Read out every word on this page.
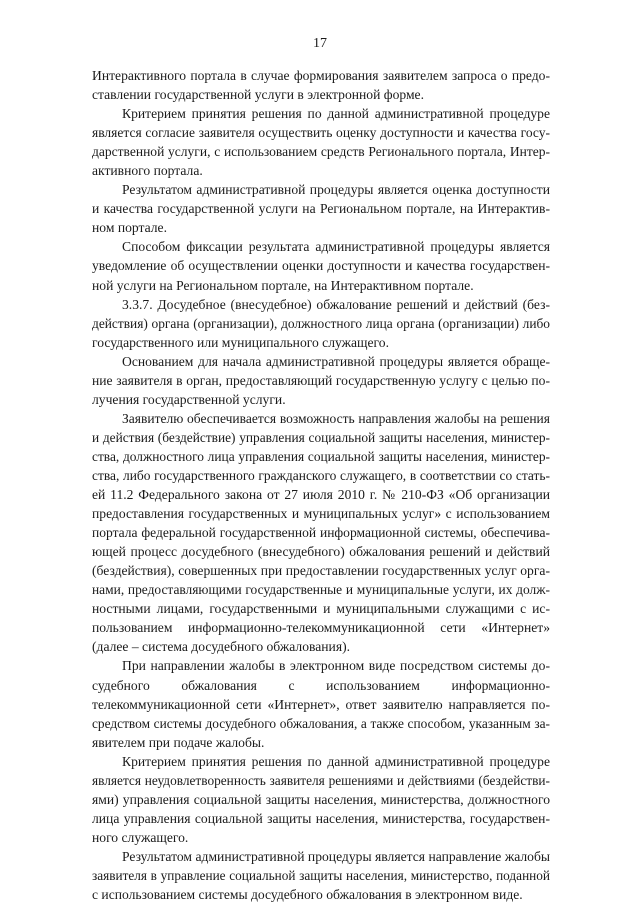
17
Интерактивного портала в случае формирования заявителем запроса о предо-
ставлении государственной услуги в электронной форме.
Критерием принятия решения по данной административной процедуре
является согласие заявителя осуществить оценку доступности и качества госу-
дарственной услуги, с использованием средств Регионального портала, Интер-
активного портала.
Результатом административной процедуры является оценка доступности
и качества государственной услуги на Региональном портале, на Интерактив-
ном портале.
Способом фиксации результата административной процедуры является
уведомление об осуществлении оценки доступности и качества государствен-
ной услуги на Региональном портале, на Интерактивном портале.
3.3.7. Досудебное (внесудебное) обжалование решений и действий (без-
действия) органа (организации), должностного лица органа (организации) либо
государственного или муниципального служащего.
Основанием для начала административной процедуры является обраще-
ние заявителя в орган, предоставляющий государственную услугу с целью по-
лучения государственной услуги.
Заявителю обеспечивается возможность направления жалобы на решения
и действия (бездействие) управления социальной защиты населения, министер-
ства, должностного лица управления социальной защиты населения, министер-
ства, либо государственного гражданского служащего, в соответствии со стать-
ей 11.2 Федерального закона от 27 июля 2010 г. № 210-ФЗ «Об организации
предоставления государственных и муниципальных услуг» с использованием
портала федеральной государственной информационной системы, обеспечива-
ющей процесс досудебного (внесудебного) обжалования решений и действий
(бездействия), совершенных при предоставлении государственных услуг орга-
нами, предоставляющими государственные и муниципальные услуги, их долж-
ностными лицами, государственными и муниципальными служащими с ис-
пользованием информационно-телекоммуникационной сети «Интернет»
(далее – система досудебного обжалования).
При направлении жалобы в электронном виде посредством системы до-
судебного обжалования с использованием информационно-
телекоммуникационной сети «Интернет», ответ заявителю направляется по-
средством системы досудебного обжалования, а также способом, указанным за-
явителем при подаче жалобы.
Критерием принятия решения по данной административной процедуре
является неудовлетворенность заявителя решениями и действиями (бездействи-
ями) управления социальной защиты населения, министерства, должностного
лица управления социальной защиты населения, министерства, государствен-
ного служащего.
Результатом административной процедуры является направление жалобы
заявителя в управление социальной защиты населения, министерство, поданной
с использованием системы досудебного обжалования в электронном виде.
